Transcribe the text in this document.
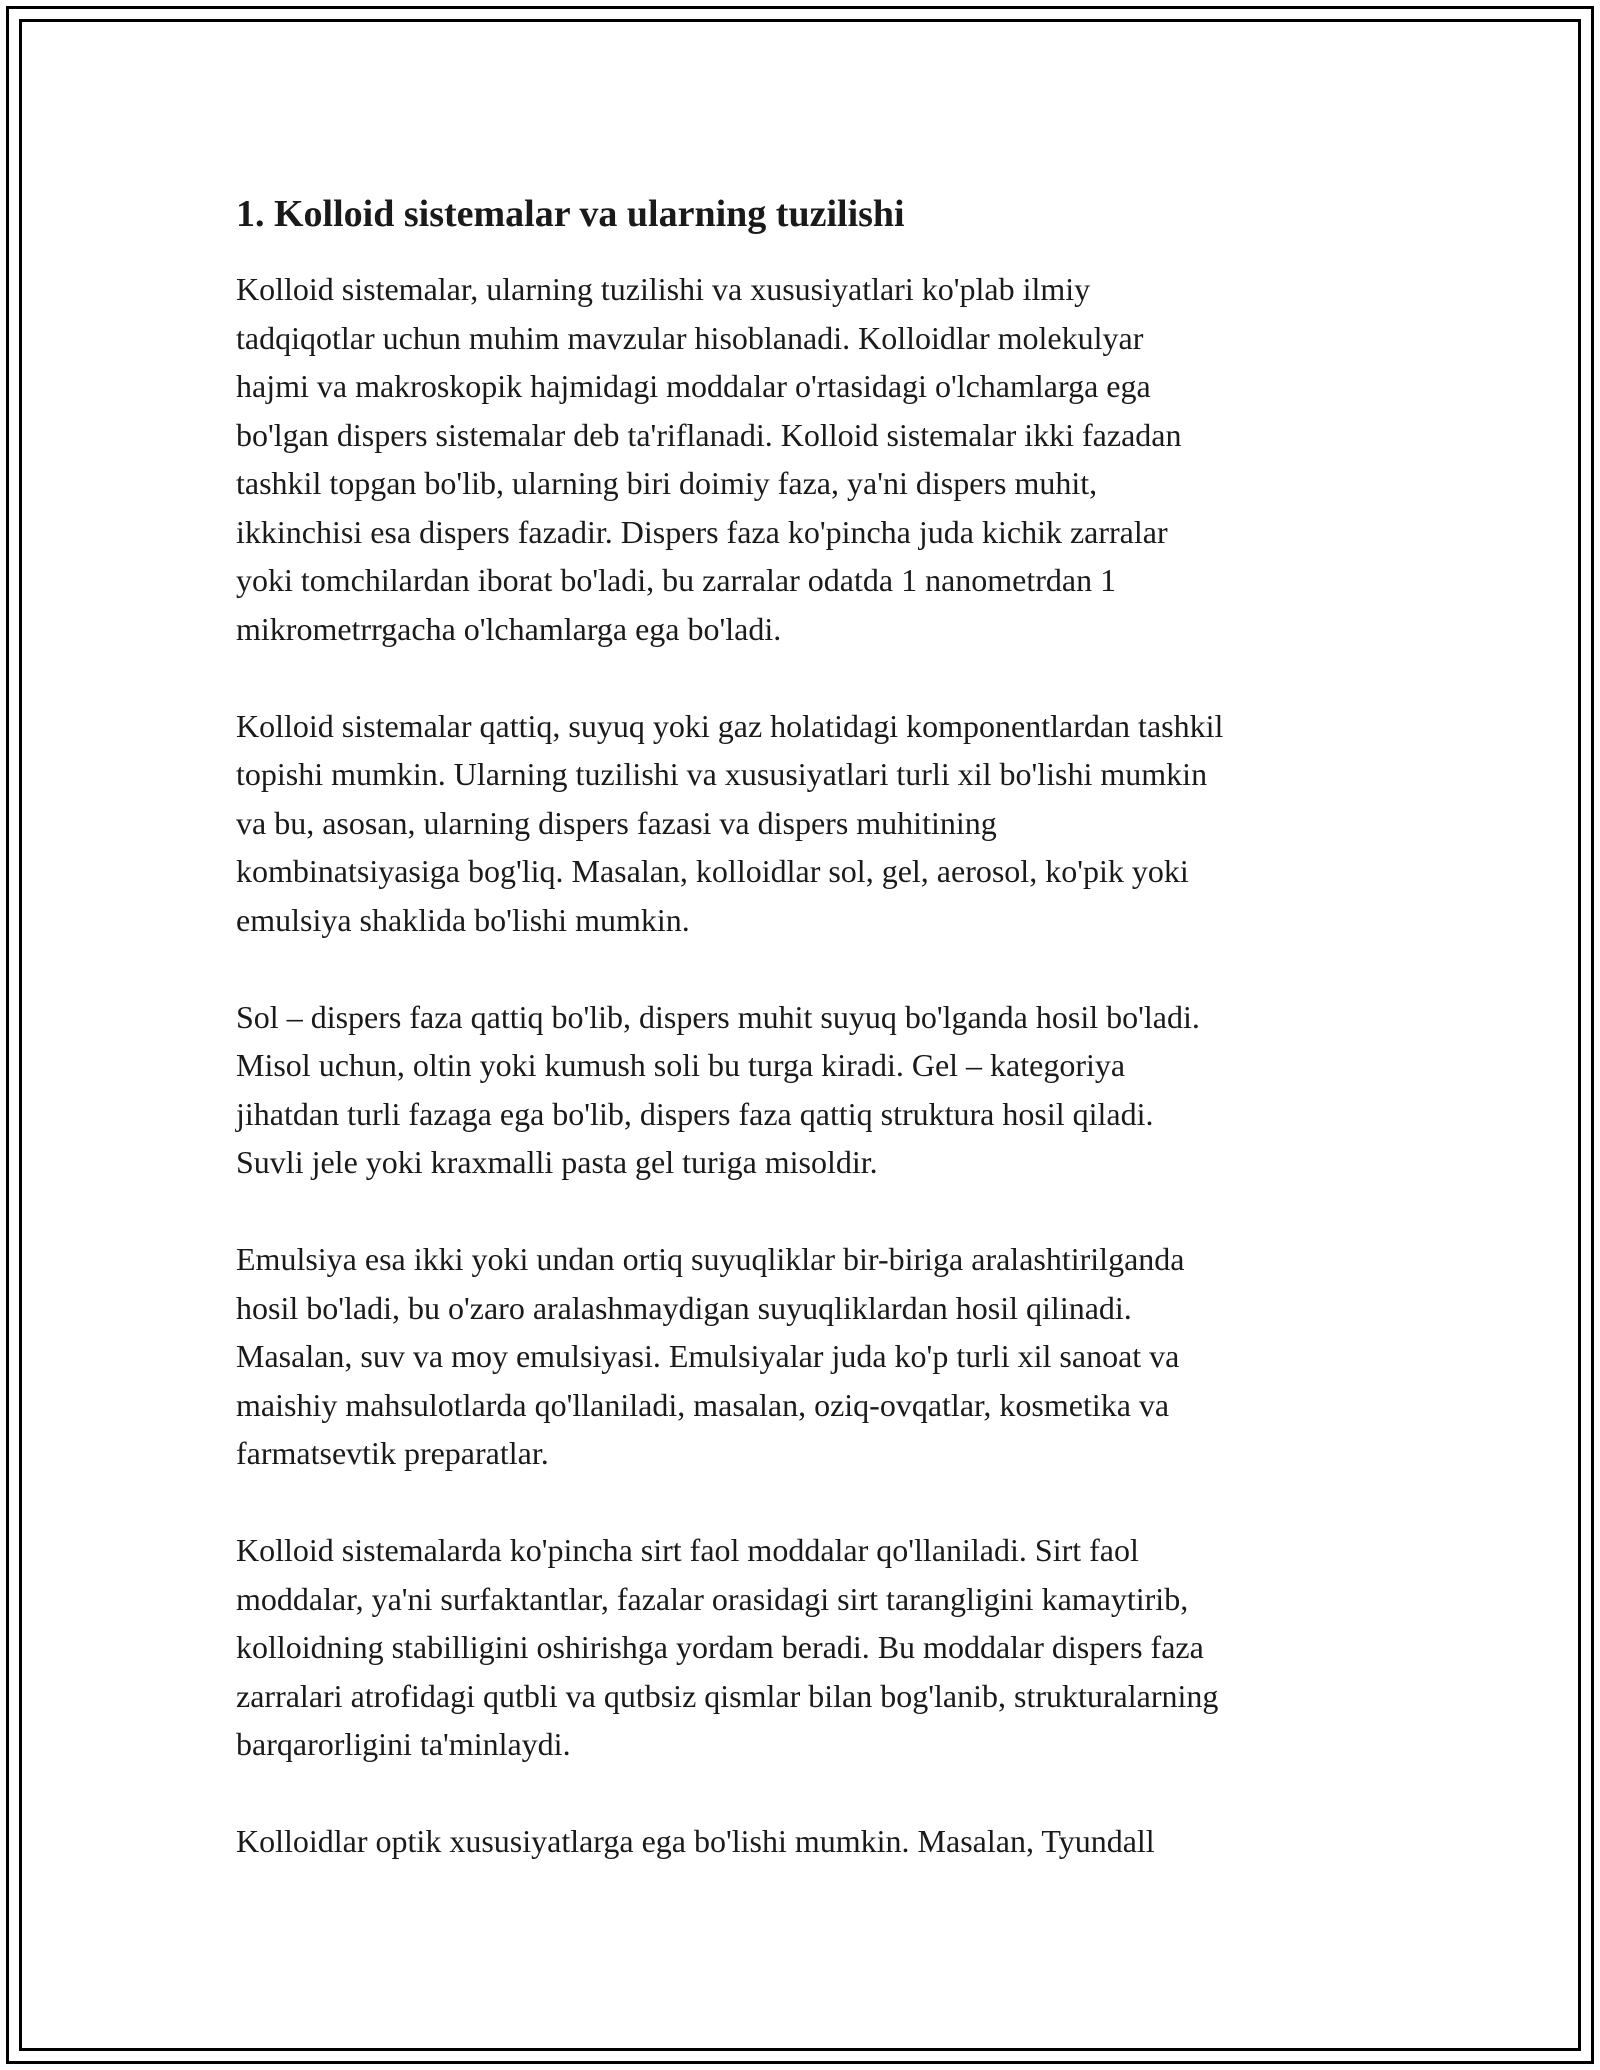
1. Kolloid sistemalar va ularning tuzilishi
Kolloid sistemalar, ularning tuzilishi va xususiyatlari ko'plab ilmiy
tadqiqotlar uchun muhim mavzular hisoblanadi. Kolloidlar molekulyar
hajmi va makroskopik hajmidagi moddalar o'rtasidagi o'lchamlarga ega
bo'lgan dispers sistemalar deb ta'riflanadi. Kolloid sistemalar ikki fazadan
tashkil topgan bo'lib, ularning biri doimiy faza, ya'ni dispers muhit,
ikkinchisi esa dispers fazadir. Dispers faza ko'pincha juda kichik zarralar
yoki tomchilardan iborat bo'ladi, bu zarralar odatda 1 nanometrdan 1
mikrometrrgacha o'lchamlarga ega bo'ladi.
Kolloid sistemalar qattiq, suyuq yoki gaz holatidagi komponentlardan tashkil
topishi mumkin. Ularning tuzilishi va xususiyatlari turli xil bo'lishi mumkin
va bu, asosan, ularning dispers fazasi va dispers muhitining
kombinatsiyasiga bog'liq. Masalan, kolloidlar sol, gel, aerosol, ko'pik yoki
emulsiya shaklida bo'lishi mumkin.
Sol – dispers faza qattiq bo'lib, dispers muhit suyuq bo'lganda hosil bo'ladi.
Misol uchun, oltin yoki kumush soli bu turga kiradi. Gel – kategoriya
jihatdan turli fazaga ega bo'lib, dispers faza qattiq struktura hosil qiladi.
Suvli jele yoki kraxmalli pasta gel turiga misoldir.
Emulsiya esa ikki yoki undan ortiq suyuqliklar bir-biriga aralashtirilganda
hosil bo'ladi, bu o'zaro aralashmaydigan suyuqliklardan hosil qilinadi.
Masalan, suv va moy emulsiyasi. Emulsiyalar juda ko'p turli xil sanoat va
maishiy mahsulotlarda qo'llaniladi, masalan, oziq-ovqatlar, kosmetika va
farmatsevtik preparatlar.
Kolloid sistemalarda ko'pincha sirt faol moddalar qo'llaniladi. Sirt faol
moddalar, ya'ni surfaktantlar, fazalar orasidagi sirt tarangligini kamaytirib,
kolloidning stabilligini oshirishga yordam beradi. Bu moddalar dispers faza
zarralari atrofidagi qutbli va qutbsiz qismlar bilan bog'lanib, strukturalarning
barqarorligini ta'minlaydi.
Kolloidlar optik xususiyatlarga ega bo'lishi mumkin. Masalan, Tyundall
